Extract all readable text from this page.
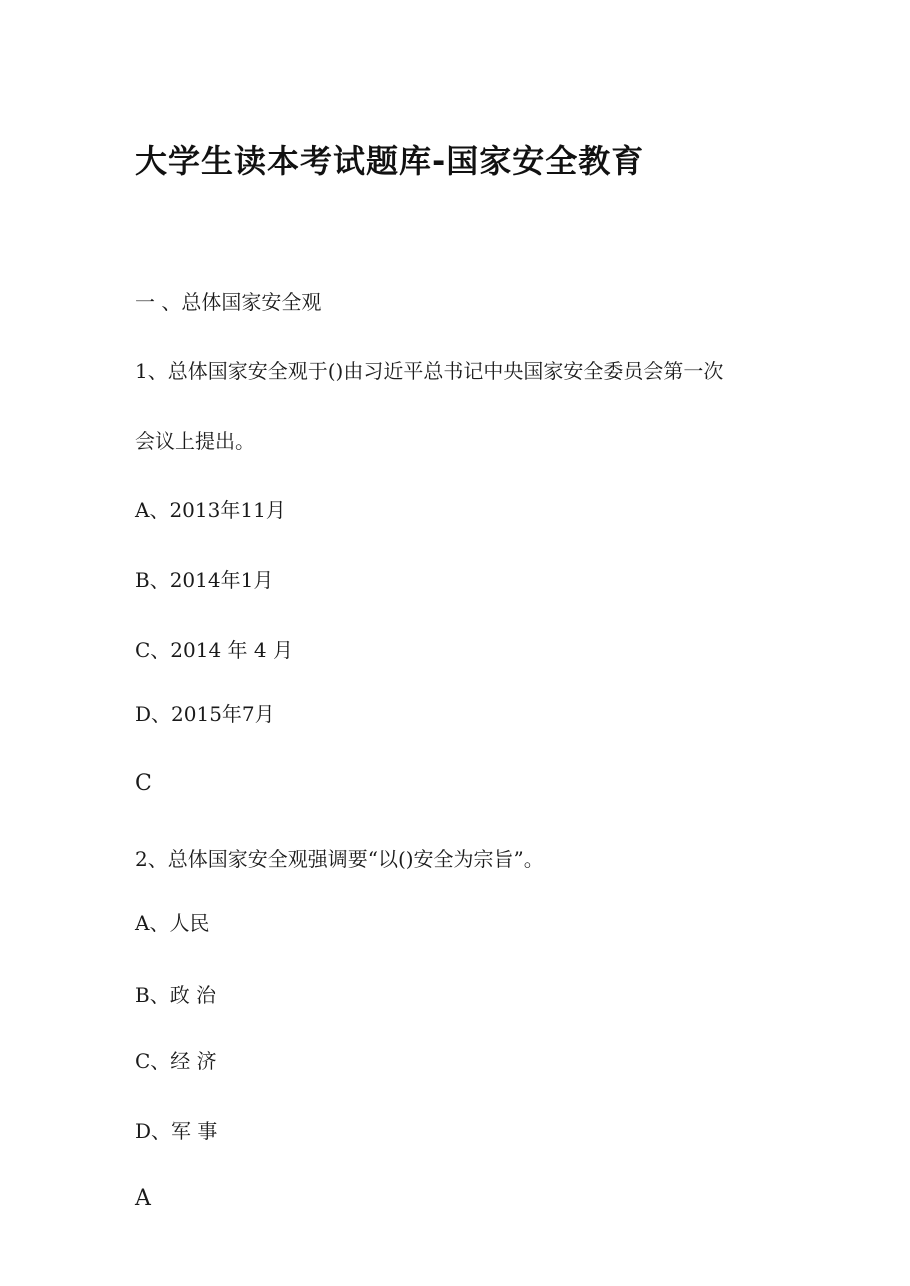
大学生读本考试题库-国家安全教育

一 、总体国家安全观

1、总体国家安全观于()由习近平总书记中央国家安全委员会第一次

会议上提出。

A、2013年11月

B、2014年1月

C、2014 年 4 月

D、2015年7月

C

2、总体国家安全观强调要“以()安全为宗旨”。

A、人民

B、政 治

C、经 济

D、军 事

A
